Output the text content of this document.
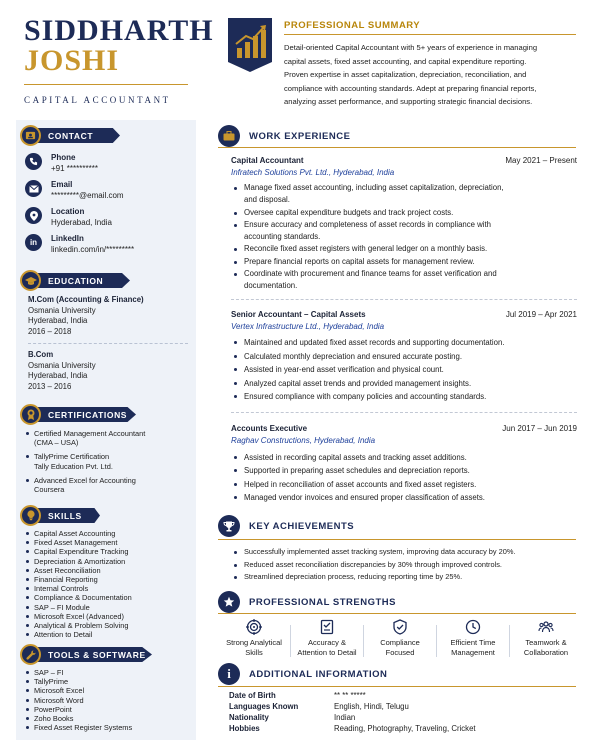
SIDDHARTH
JOSHI
CAPITAL ACCOUNTANT
PROFESSIONAL SUMMARY
Detail-oriented Capital Accountant with 5+ years of experience in managing
capital assets, fixed asset accounting, and capital expenditure reporting.
Proven expertise in asset capitalization, depreciation, reconciliation, and
compliance with accounting standards. Adept at preparing financial reports,
analyzing asset performance, and supporting strategic financial decisions.
CONTACT
Phone
+91 **********
Email
*********@email.com
Location
Hyderabad, India
in LinkedIn
linkedin.com/in/*********
EDUCATION
M.Com (Accounting & Finance)
Osmania University
Hyderabad, India
2016 – 2018
B.Com
Osmania University
Hyderabad, India
2013 – 2016
CERTIFICATIONS
Certified Management Accountant
(CMA – USA)
TallyPrime Certification
Tally Education Pvt. Ltd.
Advanced Excel for Accounting
Coursera
SKILLS
Capital Asset Accounting
Fixed Asset Management
Capital Expenditure Tracking
Depreciation & Amortization
Asset Reconciliation
Financial Reporting
Internal Controls
Compliance & Documentation
SAP – FI Module
Microsoft Excel (Advanced)
Analytical & Problem Solving
Attention to Detail
TOOLS & SOFTWARE
SAP – FI
TallyPrime
Microsoft Excel
Microsoft Word
PowerPoint
Zoho Books
Fixed Asset Register Systems
WORK EXPERIENCE
Capital Accountant	May 2021 – Present
Infratech Solutions Pvt. Ltd., Hyderabad, India
Manage fixed asset accounting, including asset capitalization, depreciation,
and disposal.
Oversee capital expenditure budgets and track project costs.
Ensure accuracy and completeness of asset records in compliance with
accounting standards.
Reconcile fixed asset registers with general ledger on a monthly basis.
Prepare financial reports on capital assets for management review.
Coordinate with procurement and finance teams for asset verification and
documentation.
Senior Accountant – Capital Assets	Jul 2019 – Apr 2021
Vertex Infrastructure Ltd., Hyderabad, India
Maintained and updated fixed asset records and supporting documentation.
Calculated monthly depreciation and ensured accurate posting.
Assisted in year-end asset verification and physical count.
Analyzed capital asset trends and provided management insights.
Ensured compliance with company policies and accounting standards.
Accounts Executive	Jun 2017 – Jun 2019
Raghav Constructions, Hyderabad, India
Assisted in recording capital assets and tracking asset additions.
Supported in preparing asset schedules and depreciation reports.
Helped in reconciliation of asset accounts and fixed asset registers.
Managed vendor invoices and ensured proper classification of assets.
KEY ACHIEVEMENTS
Successfully implemented asset tracking system, improving data accuracy by 20%.
Reduced asset reconciliation discrepancies by 30% through improved controls.
Streamlined depreciation process, reducing reporting time by 25%.
PROFESSIONAL STRENGTHS
Strong Analytical
Skills
Accuracy &
Attention to Detail
Compliance
Focused
Efficient Time
Management
Teamwork &
Collaboration
i ADDITIONAL INFORMATION
Date of Birth	** ** *****
Languages Known	English, Hindi, Telugu
Nationality	Indian
Hobbies	Reading, Photography, Traveling, Cricket
